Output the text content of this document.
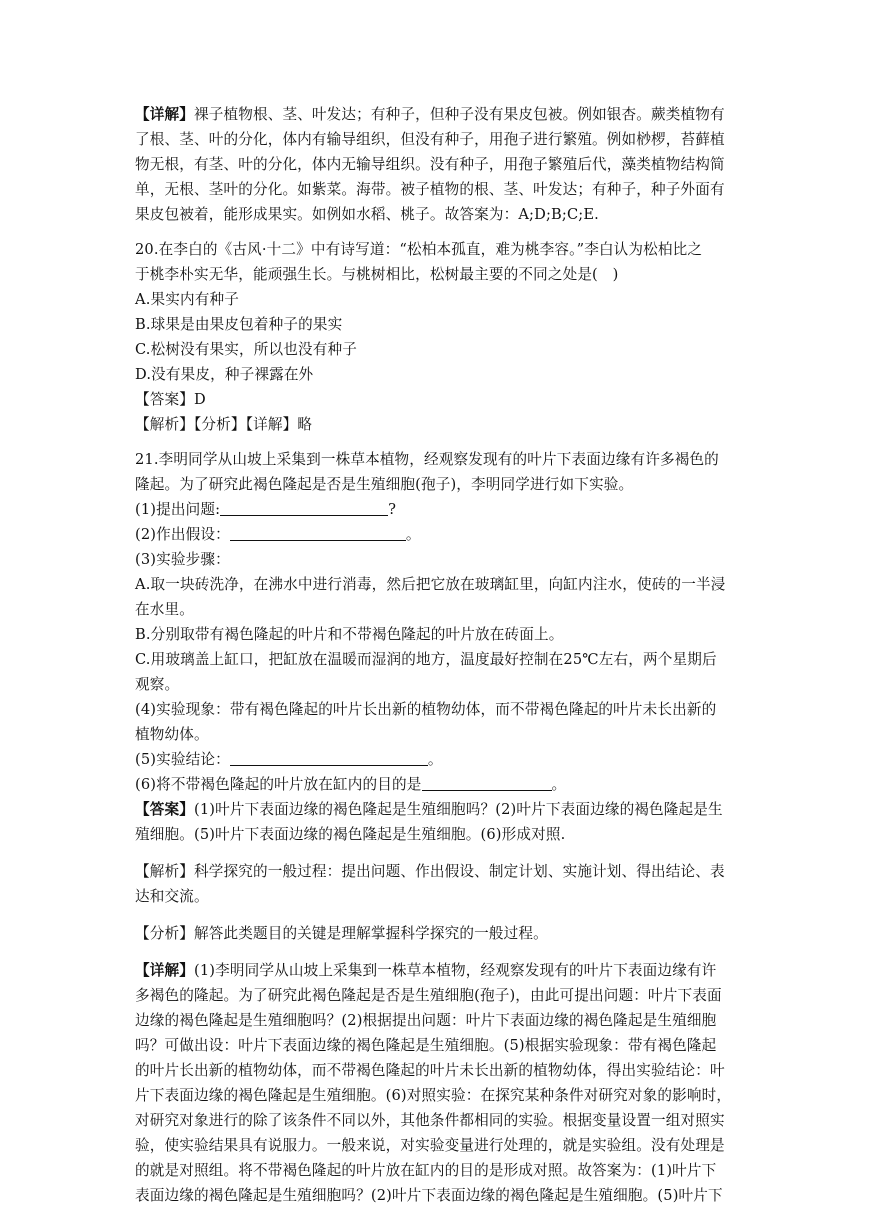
【详解】裸子植物根、茎、叶发达；有种子，但种子没有果皮包被。例如银杏。蕨类植物有

了根、茎、叶的分化，体内有输导组织，但没有种子，用孢子进行繁殖。例如桫椤，苔藓植

物无根，有茎、叶的分化，体内无输导组织。没有种子，用孢子繁殖后代，藻类植物结构简

单，无根、茎叶的分化。如紫菜。海带。被子植物的根、茎、叶发达；有种子，种子外面有

果皮包被着，能形成果实。如例如水稻、桃子。故答案为：A;D;B;C;E.

20.在李白的《古风·十二》中有诗写道：“松柏本孤直，难为桃李容。”李白认为松柏比之

于桃李朴实无华，能顽强生长。与桃树相比，松树最主要的不同之处是(　)

A.果实内有种子

B.球果是由果皮包着种子的果实

C.松树没有果实，所以也没有种子

D.没有果皮，种子裸露在外

【答案】D

【解析】【分析】【详解】略

21.李明同学从山坡上采集到一株草本植物，经观察发现有的叶片下表面边缘有许多褐色的

隆起。为了研究此褐色隆起是否是生殖细胞(孢子)，李明同学进行如下实验。

(1)提出问题:	?

(2)作出假设：	。

(3)实验步骤：

A.取一块砖洗净，在沸水中进行消毒，然后把它放在玻璃缸里，向缸内注水，使砖的一半浸

在水里。

B.分别取带有褐色隆起的叶片和不带褐色隆起的叶片放在砖面上。

C.用玻璃盖上缸口，把缸放在温暖而湿润的地方，温度最好控制在25℃左右，两个星期后

观察。

(4)实验现象：带有褐色隆起的叶片长出新的植物幼体，而不带褐色隆起的叶片未长出新的

植物幼体。

(5)实验结论：	。

(6)将不带褐色隆起的叶片放在缸内的目的是	。

【答案】(1)叶片下表面边缘的褐色隆起是生殖细胞吗？(2)叶片下表面边缘的褐色隆起是生

殖细胞。(5)叶片下表面边缘的褐色隆起是生殖细胞。(6)形成对照.

【解析】科学探究的一般过程：提出问题、作出假设、制定计划、实施计划、得出结论、表

达和交流。

【分析】解答此类题目的关键是理解掌握科学探究的一般过程。

【详解】(1)李明同学从山坡上采集到一株草本植物，经观察发现有的叶片下表面边缘有许

多褐色的隆起。为了研究此褐色隆起是否是生殖细胞(孢子)，由此可提出问题：叶片下表面

边缘的褐色隆起是生殖细胞吗？(2)根据提出问题：叶片下表面边缘的褐色隆起是生殖细胞

吗？可做出设：叶片下表面边缘的褐色隆起是生殖细胞。(5)根据实验现象：带有褐色隆起

的叶片长出新的植物幼体，而不带褐色隆起的叶片未长出新的植物幼体，得出实验结论：叶

片下表面边缘的褐色隆起是生殖细胞。(6)对照实验：在探究某种条件对研究对象的影响时，

对研究对象进行的除了该条件不同以外，其他条件都相同的实验。根据变量设置一组对照实

验，使实验结果具有说服力。一般来说，对实验变量进行处理的，就是实验组。没有处理是

的就是对照组。将不带褐色隆起的叶片放在缸内的目的是形成对照。故答案为：(1)叶片下

表面边缘的褐色隆起是生殖细胞吗？(2)叶片下表面边缘的褐色隆起是生殖细胞。(5)叶片下
